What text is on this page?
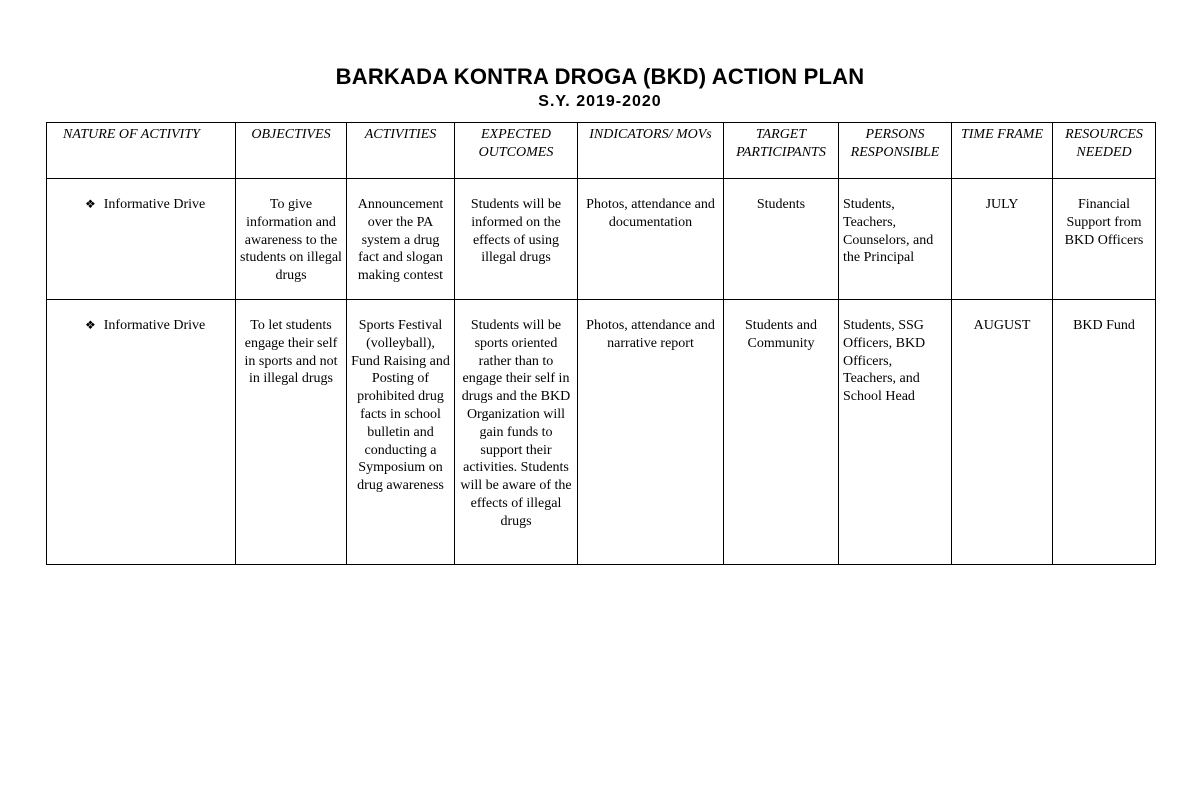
BARKADA KONTRA DROGA (BKD) ACTION PLAN
S.Y. 2019-2020
NATURE OF ACTIVITY	OBJECTIVES	ACTIVITIES	EXPECTED OUTCOMES	INDICATORS/ MOVs	TARGET PARTICIPANTS	PERSONS RESPONSIBLE	TIME FRAME	RESOURCES NEEDED
❖ Informative Drive	To give information and awareness to the students on illegal drugs	Announcement over the PA system a drug fact and slogan making contest	Students will be informed on the effects of using illegal drugs	Photos, attendance and documentation	Students	Students, Teachers, Counselors, and the Principal	JULY	Financial Support from BKD Officers
❖ Informative Drive	To let students engage their self in sports and not in illegal drugs	Sports Festival (volleyball), Fund Raising and Posting of prohibited drug facts in school bulletin and conducting a Symposium on drug awareness	Students will be sports oriented rather than to engage their self in drugs and the BKD Organization will gain funds to support their activities. Students will be aware of the effects of illegal drugs	Photos, attendance and narrative report	Students and Community	Students, SSG Officers, BKD Officers, Teachers, and School Head	AUGUST	BKD Fund
